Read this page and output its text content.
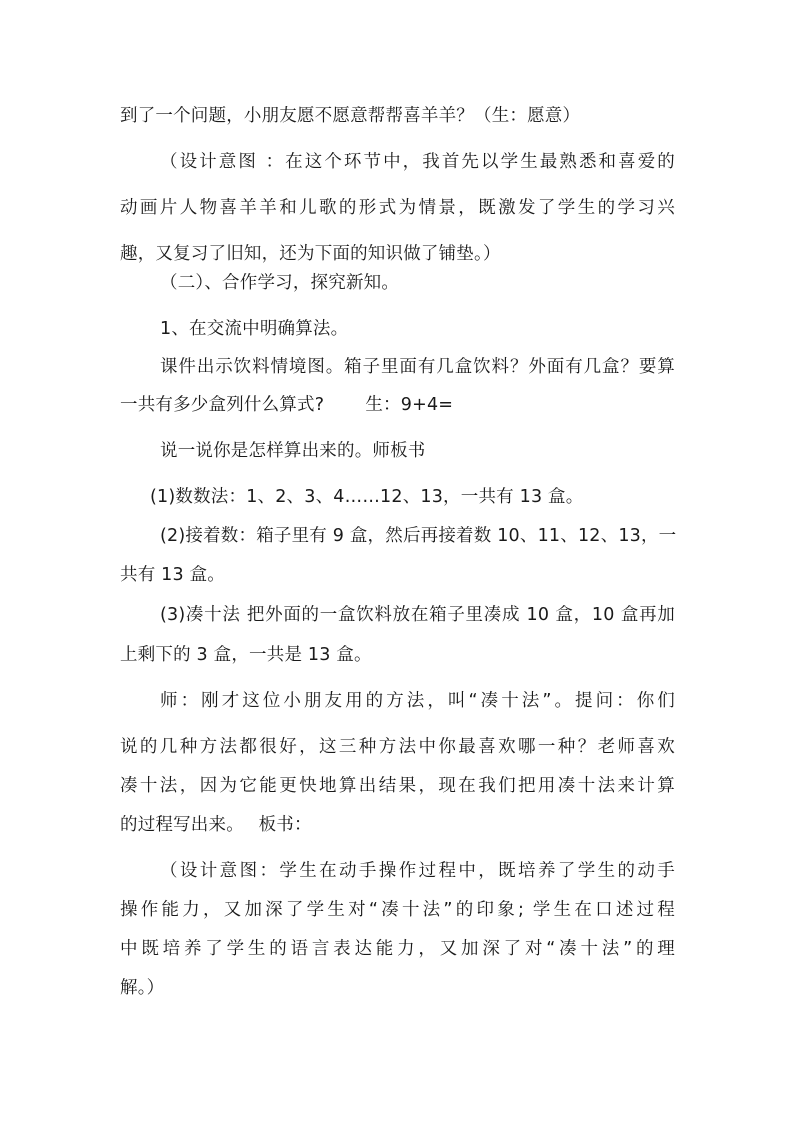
到了一个问题，小朋友愿不愿意帮帮喜羊羊？（生：愿意）
（设计意图 ：在这个环节中，我首先以学生最熟悉和喜爱的
动画片人物喜羊羊和儿歌的形式为情景，既激发了学生的学习兴
趣，又复习了旧知，还为下面的知识做了铺垫。）
（二）、合作学习，探究新知。
1、在交流中明确算法。
课件出示饮料情境图。箱子里面有几盒饮料？外面有几盒？要算
一共有多少盒列什么算式?　　 生：9+4=
说一说你是怎样算出来的。师板书
(1)数数法：1、2、3、4……12、13，一共有 13 盒。
(2)接着数：箱子里有 9 盒，然后再接着数 10、11、12、13，一
共有 13 盒。
(3)凑十法 把外面的一盒饮料放在箱子里凑成 10 盒，10 盒再加
上剩下的 3 盒，一共是 13 盒。
师：刚才这位小朋友用的方法，叫“凑十法”。提问：你们
说的几种方法都很好，这三种方法中你最喜欢哪一种？老师喜欢
凑十法，因为它能更快地算出结果，现在我们把用凑十法来计算
的过程写出来。　 板书：
（设计意图：学生在动手操作过程中，既培养了学生的动手
操作能力，又加深了学生对“凑十法”的印象; 学生在口述过程
中既培养了学生的语言表达能力，又加深了对“凑十法”的理
解。）
